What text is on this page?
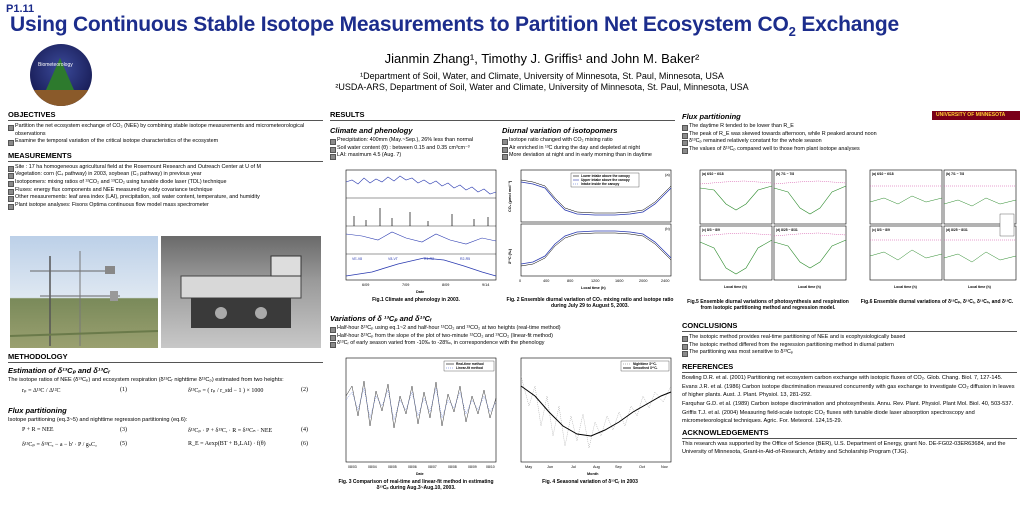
P1.11
Using Continuous Stable Isotope Measurements to Partition Net Ecosystem $CO_2$ Exchange
Biometeorology	Jianmin Zhang¹, Timothy J. Griffis¹ and John M. Baker²
¹Department of Soil, Water, and Climate, University of Minnesota, St. Paul, Minnesota, USA
²USDA-ARS, Department of Soil, Water and Climate, University of Minnesota, St. Paul, Minnesota, USA
OBJECTIVES
Partition the net ecosystem exchange of CO₂ (NEE) by combining stable isotope measurements and micrometeorological observations
Examine the temporal variation of the critical isotope characteristics of the ecosystem
MEASUREMENTS
Site : 17 ha homogeneous agricultural field at the Rosemount Research and Outreach Center at U of M
Vegetation: corn (C₄ pathway) in 2003, soybean (C₃ pathway) in previous year
Isotopomers: mixing ratios of ¹²CO₂ and ¹³CO₂ using tunable diode laser (TDL) technique
Fluxes: energy flux components and NEE measured by eddy covariance technique
Other measurements: leaf area index (LAI), precipitation, soil water content, temperature, and humidity
Plant isotope analyses: Fisons Optima continuous flow model mass spectrometer
METHODOLOGY
Estimation of δ¹³Cₚ and δ¹³Cᵣ
The isotope ratios of NEE (δ¹³Cₚ) and ecosystem respiration (δ¹³Cᵣ nighttime δ¹³Cₚ) estimated from two heights:
rₚ = Δ¹³C / Δ¹²C	(1)	δ¹³Cₚ = ( rₚ / r_std − 1 ) × 1000	(2)
Flux partitioning
Isotope partitioning (eq.3~5) and nighttime regression partitioning (eq.6):
P + R = NEE	(3)	δ¹³Cₚ · P + δ¹³Cᵣ · R = δ¹³Cₙ · NEE	(4)
δ¹³Cₚ = δ¹³Cₐ − a − b' · P / gₛCₐ	(5)	R_E = Aexp(BT + B₂LAI) · f(θ)	(6)
RESULTS
Climate and phenology
Precipitation: 400mm (May.~Sep.), 26% less than normal
Soil water content (θ) : between 0.15 and 0.35 cm³cm⁻³
LAI: maximum 4.5 (Aug. 7)
Diurnal variation of isotopomers
Isotope ratio changed with CO₂ mixing ratio
Air enriched in ¹³C during the day and depleted at night
More deviation at night and in early morning than in daytime
VE-V8	V8-VT	R1-R2	R2-R5
6/09	7/09	8/09	9/14
Date
Fig.1 Climate and phenology in 2003.
Lower intake above the canopy
Upper intake above the canopy
Intake inside the canopy
(a)
(b)
0	400	800	1200	1600	2000	2400
Local time (h)
CO₂ (μmol mol⁻¹)
δ¹³C (‰)
Fig. 2 Ensemble diurnal variation of CO₂ mixing ratio and isotope ratio during July 29 to August 5, 2003.
Variations of δ ¹³Cₚ and δ¹³Cᵣ
Half-hour δ¹³Cₚ using eq.1~2 and half-hour ¹²CO₂ and ¹³CO₂ at two heights (real-time method)
Half-hour δ¹³Cₚ from the slope of the plot of two-minute ¹²CO₂ and ¹³CO₂ (linear-fit method)
δ¹³Cᵣ of early season varied from -10‰ to -28‰, in correspondence with the phenology
Real-time method
Linear-fit method
08/03	08/04	08/05	08/06	08/07	08/08	08/09	08/10
Date
Fig. 3 Comparison of real-time and linear-fit method in estimating δ¹³Cₚ during Aug.3~Aug.10, 2003.
Nighttime δ¹³Cᵣ
Smoothed δ¹³Cᵣ
May	Jun	Jul	Aug	Sep	Oct	Nov
Month
Fig. 4 Seasonal variation of δ¹³Cᵣ in 2003
UNIVERSITY OF MINNESOTA
Flux partitioning
The daytime R tended to be lower than R_E
The peak of R_E was skewed towards afternoon, while R peaked around noon
δ¹³Cₚ remained relatively constant for the whole season
The values of δ¹³Cₚ compared well to those from plant isotope analyses
(a) 6/10 ~ 6/18	(b) 7/1 ~ 7/8
(c) 8/3 ~ 8/9	(d) 8/25 ~ 8/31
Local time (h)	Local time (h)
Fig.5 Ensemble diurnal variations of photosynthesis and respiration from isotopic partitioning method and regression model.
(a) 6/10 ~ 6/18	(b) 7/1 ~ 7/8
(c) 8/3 ~ 8/9	(d) 8/25 ~ 8/31
Local time (h)	Local time (h)
Fig.6 Ensemble diurnal variations of δ¹³Cₚ, δ¹³Cᵣ, δ¹³Cₙ, and δ¹³C.
CONCLUSIONS
The isotopic method provides real-time partitioning of NEE and is ecophysiologically based
The isotopic method differed from the regression partitioning method in diurnal pattern
The partitioning was most sensitive to δ¹³Cₚ
REFERENCES
Bowling D.R. et al. (2001) Partitioning net ecosystem carbon exchange with isotopic fluxes of CO₂. Glob. Chang. Biol. 7, 127-145.
Evans J.R. et al. (1986) Carbon isotope discrimination measured concurrently with gas exchange to investigate CO₂ diffusion in leaves of higher plants. Aust. J. Plant. Physiol. 13, 281-292.
Farquhar G.D. et al. (1989) Carbon isotope discrimination and photosynthesis. Annu. Rev. Plant. Physiol. Plant Mol. Biol. 40, 503-537.
Griffis T.J. et al. (2004) Measuring field-scale isotopic CO₂ fluxes with tunable diode laser absorption spectroscopy and micrometeorological techniques. Agric. For. Meteorol. 124,15-29.
ACKNOWLEDGEMENTS
This research was supported by the Office of Science (BER), U.S. Department of Energy, grant No. DE-FG02-03ER63684, and the University of Minnesota, Grant-in-Aid-of-Research, Artistry and Scholarship Program (TJG).
